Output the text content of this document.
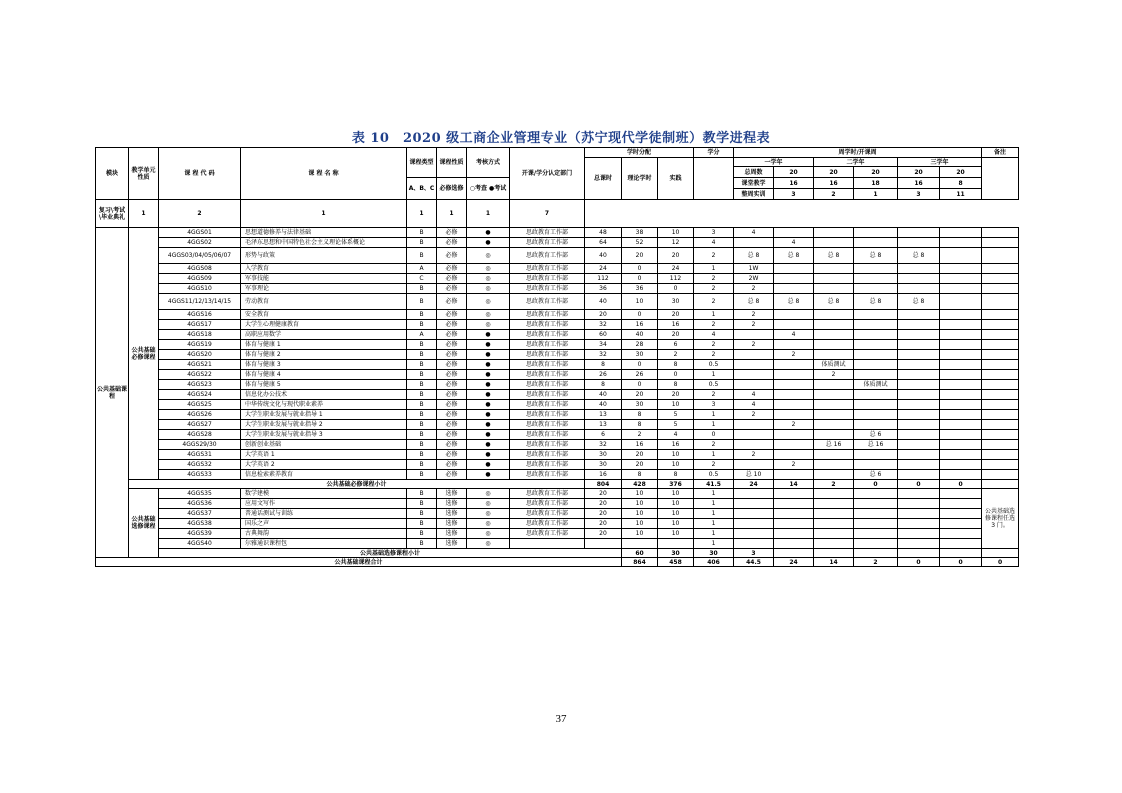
表 10　2020 级工商企业管理专业（苏宁现代学徒制班）教学进程表
模块	教学单元性质	课 程 代 码	课 程 名 称	课程类型	课程性质	考核方式	开课/学分认定部门	学时分配			学分	周学时/开课周						备注	
								总课时	理论学时	实践		一学年		二学年		三学年			
												总周数	20	20	20	20	20		
				A、B、C	必修选修	○考查 ●考试						课堂教学	16	16	18	16	8		
												整周实训	3	2	1	3	11		
复习\考试\毕业典礼	1	2	1	1	1	1	7												
公共基础课程	公共基础必修课程	4GGS01	思想道德修养与法律基础	B	必修	●	思政教育工作部	48	38	10	3	4							
		4GGS02	毛泽东思想和中国特色社会主义理论体系概论	B	必修	●	思政教育工作部	64	52	12	4		4						
		4GGS03/04/05/06/07	形势与政策	B	必修	◎	思政教育工作部	40	20	20	2	总 8	总 8	总 8	总 8	总 8			
		4GGS08	入学教育	A	必修	◎	思政教育工作部	24	0	24	1	1W							
		4GGS09	军事技能	C	必修	◎	思政教育工作部	112	0	112	2	2W							
		4GGS10	军事理论	B	必修	◎	思政教育工作部	36	36	0	2	2							
		4GGS11/12/13/14/15	劳动教育	B	必修	◎	思政教育工作部	40	10	30	2	总 8	总 8	总 8	总 8	总 8			
		4GGS16	安全教育	B	必修	◎	思政教育工作部	20	0	20	1	2							
		4GGS17	大学生心理健康教育	B	必修	◎	思政教育工作部	32	16	16	2	2							
		4GGS18	高职应用数学	A	必修	●	思政教育工作部	60	40	20	4		4						
		4GGS19	体育与健康 1	B	必修	●	思政教育工作部	34	28	6	2	2							
		4GGS20	体育与健康 2	B	必修	●	思政教育工作部	32	30	2	2		2						
		4GGS21	体育与健康 3	B	必修	●	思政教育工作部	8	0	8	0.5			体质测试					
		4GGS22	体育与健康 4	B	必修	●	思政教育工作部	26	26	0	1			2					
		4GGS23	体育与健康 5	B	必修	●	思政教育工作部	8	0	8	0.5				体质测试				
		4GGS24	信息化办公技术	B	必修	●	思政教育工作部	40	20	20	2	4							
		4GGS25	中华传统文化与现代职业素养	B	必修	●	思政教育工作部	40	30	10	3	4							
		4GGS26	大学生职业发展与就业指导 1	B	必修	●	思政教育工作部	13	8	5	1	2							
		4GGS27	大学生职业发展与就业指导 2	B	必修	●	思政教育工作部	13	8	5	1		2						
		4GGS28	大学生职业发展与就业指导 3	B	必修	●	思政教育工作部	6	2	4	0				总 6				
		4GGS29/30	创新创业基础	B	必修	●	思政教育工作部	32	16	16	2			总 16	总 16				
		4GGS31	大学英语 1	B	必修	●	思政教育工作部	30	20	10	1	2							
		4GGS32	大学英语 2	B	必修	●	思政教育工作部	30	20	10	2		2						
		4GGS33	信息检索素养教育	B	必修	●	思政教育工作部	16	8	8	0.5	总 10			总 6				
	公共基础必修课程小计							804	428	376	41.5	24	14	2	0	0	0		
	公共基础选修课程	4GGS35	数学建模	B	选修	◎	思政教育工作部	20	10	10	1							公共基础选修课程任选 3 门。	
		4GGS36	应用文写作	B	选修	◎	思政教育工作部	20	10	10	1								
		4GGS37	普通话测试与训练	B	选修	◎	思政教育工作部	20	10	10	1								
		4GGS38	国乐之声	B	选修	◎	思政教育工作部	20	10	10	1								
		4GGS39	古典舞韵	B	选修	◎	思政教育工作部	20	10	10	1								
		4GGS40	尔雅通识课程包	B	选修	◎					1								
		公共基础选修课程小计							60	30	30	3							
公共基础课程合计									864	458	406	44.5	24	14	2	0	0	0	
37
